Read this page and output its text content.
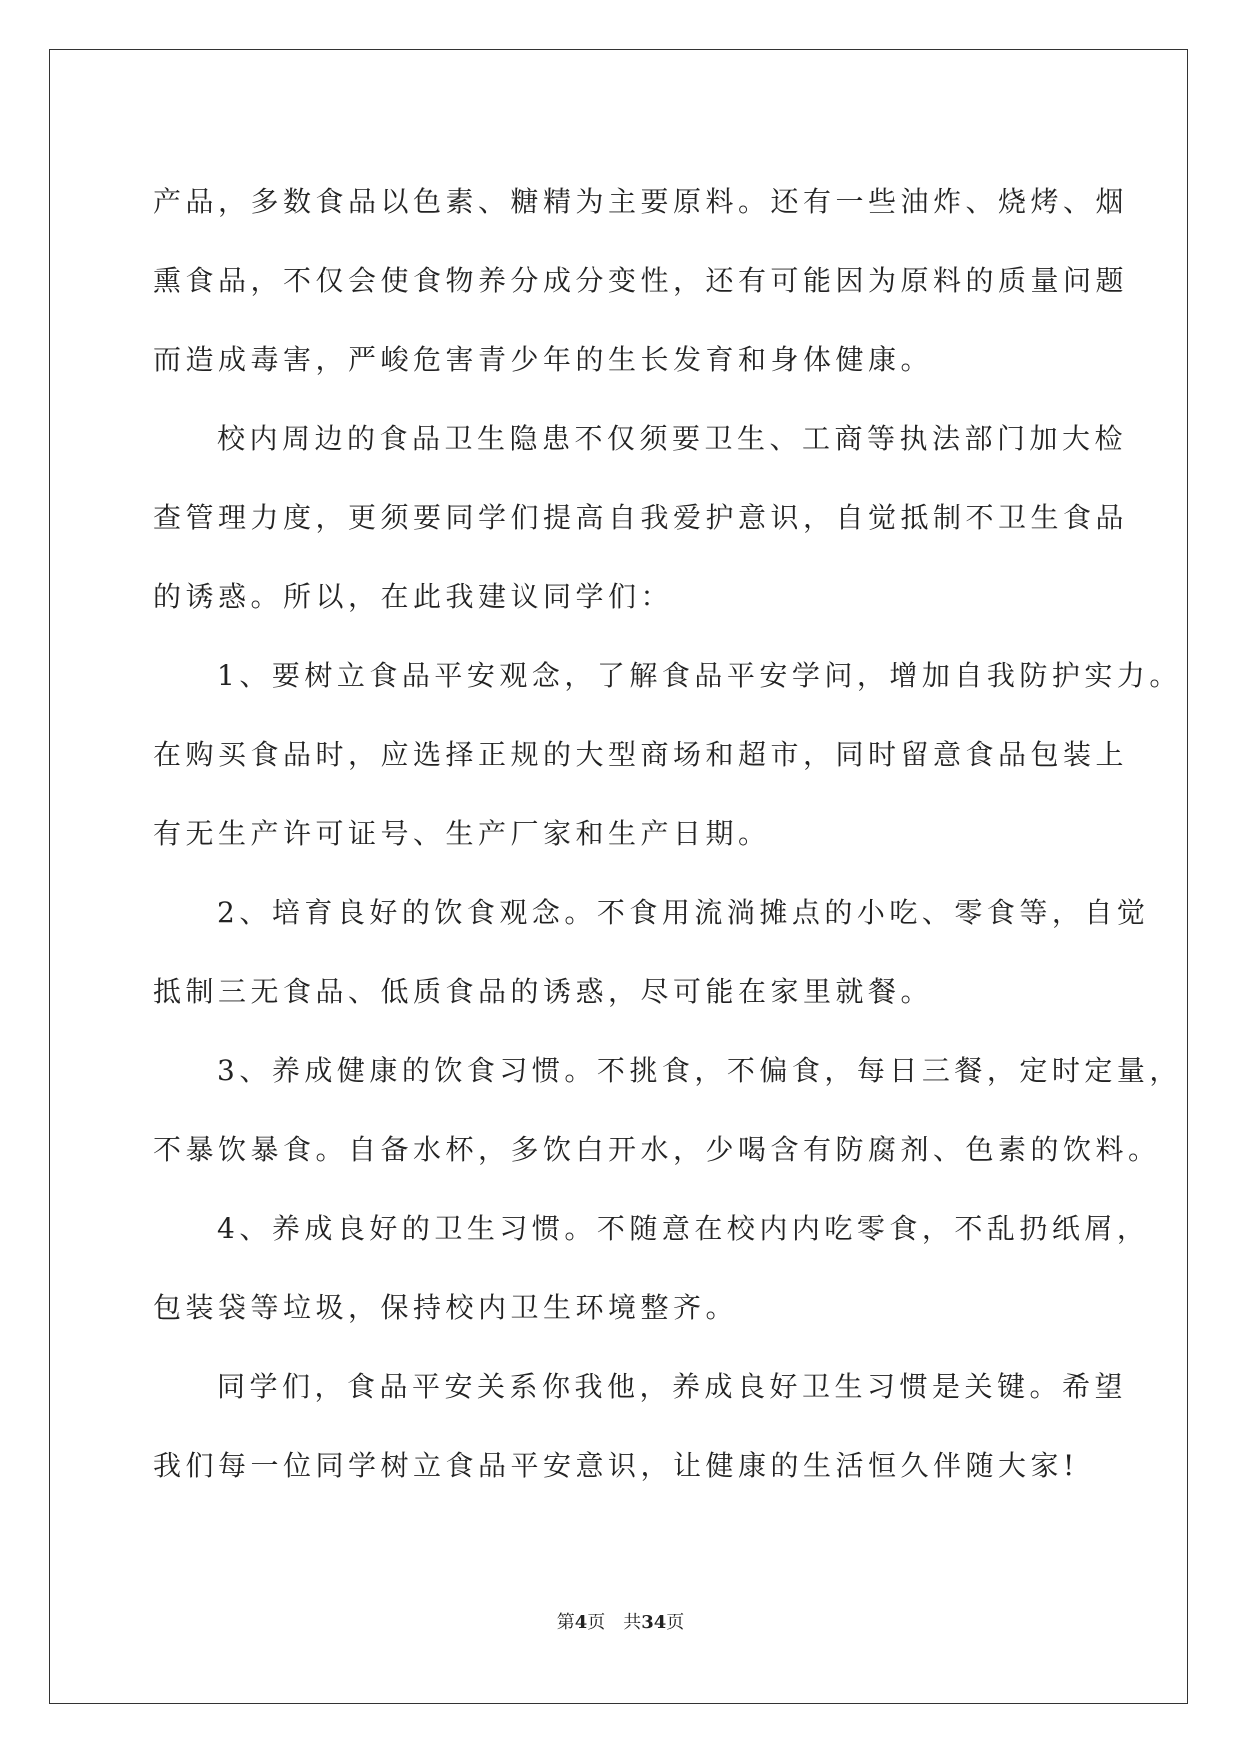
产品，多数食品以色素、糖精为主要原料。还有一些油炸、烧烤、烟
熏食品，不仅会使食物养分成分变性，还有可能因为原料的质量问题
而造成毒害，严峻危害青少年的生长发育和身体健康。
校内周边的食品卫生隐患不仅须要卫生、工商等执法部门加大检
查管理力度，更须要同学们提高自我爱护意识，自觉抵制不卫生食品
的诱惑。所以，在此我建议同学们：
1、要树立食品平安观念，了解食品平安学问，增加自我防护实力。
在购买食品时，应选择正规的大型商场和超市，同时留意食品包装上
有无生产许可证号、生产厂家和生产日期。
2、培育良好的饮食观念。不食用流淌摊点的小吃、零食等，自觉
抵制三无食品、低质食品的诱惑，尽可能在家里就餐。
3、养成健康的饮食习惯。不挑食，不偏食，每日三餐，定时定量，
不暴饮暴食。自备水杯，多饮白开水，少喝含有防腐剂、色素的饮料。
4、养成良好的卫生习惯。不随意在校内内吃零食，不乱扔纸屑，
包装袋等垃圾，保持校内卫生环境整齐。
同学们，食品平安关系你我他，养成良好卫生习惯是关键。希望
我们每一位同学树立食品平安意识，让健康的生活恒久伴随大家!
第4页 共34页
